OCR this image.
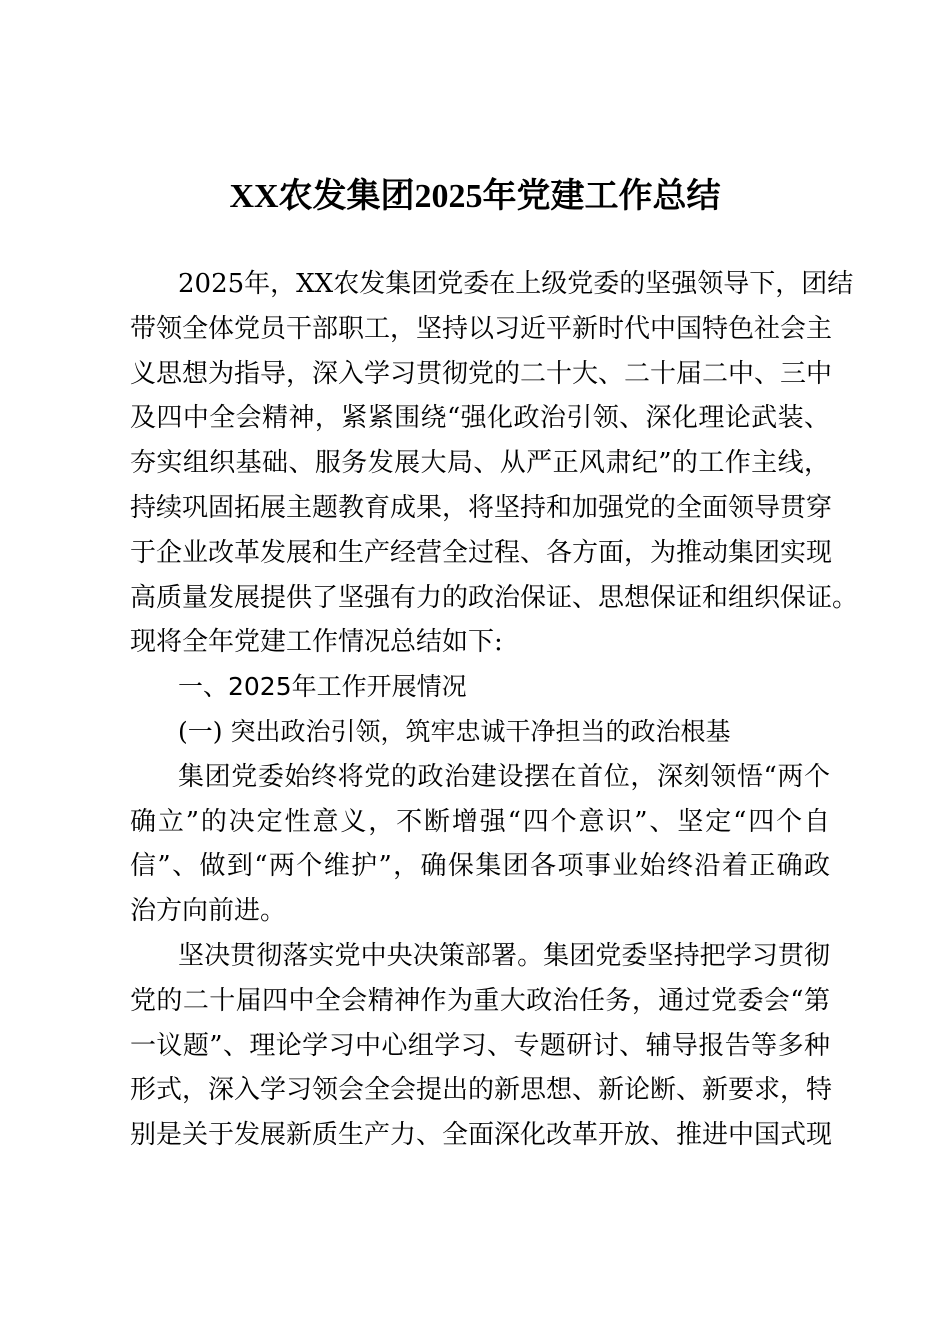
XX农发集团2025年党建工作总结
2025年，XX农发集团党委在上级党委的坚强领导下，团结
带领全体党员干部职工，坚持以习近平新时代中国特色社会主
义思想为指导，深入学习贯彻党的二十大、二十届二中、三中
及四中全会精神，紧紧围绕“强化政治引领、深化理论武装、
夯实组织基础、服务发展大局、从严正风肃纪”的工作主线，
持续巩固拓展主题教育成果，将坚持和加强党的全面领导贯穿
于企业改革发展和生产经营全过程、各方面，为推动集团实现
高质量发展提供了坚强有力的政治保证、思想保证和组织保证。
现将全年党建工作情况总结如下:
一、2025年工作开展情况
(一) 突出政治引领，筑牢忠诚干净担当的政治根基
集团党委始终将党的政治建设摆在首位，深刻领悟“两个
确立”的决定性意义，不断增强“四个意识”、坚定“四个自
信”、做到“两个维护”，确保集团各项事业始终沿着正确政
治方向前进。
坚决贯彻落实党中央决策部署。集团党委坚持把学习贯彻
党的二十届四中全会精神作为重大政治任务，通过党委会“第
一议题”、理论学习中心组学习、专题研讨、辅导报告等多种
形式，深入学习领会全会提出的新思想、新论断、新要求，特
别是关于发展新质生产力、全面深化改革开放、推进中国式现
